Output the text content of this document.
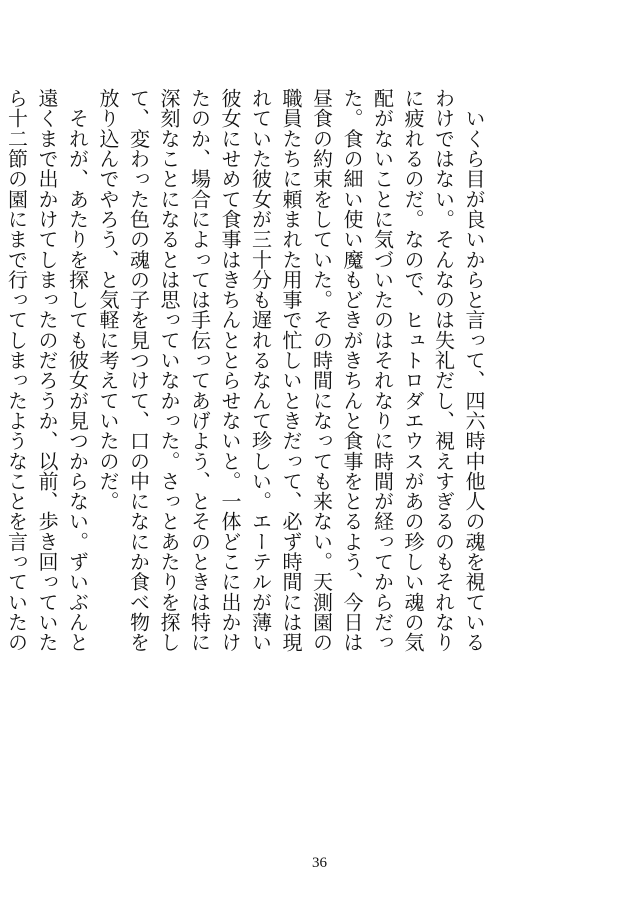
　いくら目が良いからと言って、四六時中他人の魂を視ているわけではない。そんなのは失礼だし、視えすぎるのもそれなりに疲れるのだ。なので、ヒュトロダエウスがあの珍しい魂の気配がないことに気づいたのはそれなりに時間が経ってからだった。食の細い使い魔もどきがきちんと食事をとるよう、今日は昼食の約束をしていた。その時間になっても来ない。天測園の職員たちに頼まれた用事で忙しいときだって、必ず時間には現れていた彼女が三十分も遅れるなんて珍しい。エーテルが薄い彼女にせめて食事はきちんととらせないと。一体どこに出かけたのか、場合によっては手伝ってあげよう、とそのときは特に深刻なことになるとは思っていなかった。さっとあたりを探して、変わった色の魂の子を見つけて、口の中になにか食べ物を放り込んでやろう、と気軽に考えていたのだ。

　それが、あたりを探しても彼女が見つからない。ずいぶんと遠くまで出かけてしまったのだろうか、以前、歩き回っていたら十二節の園にまで行ってしまったようなことを言っていたの

36
